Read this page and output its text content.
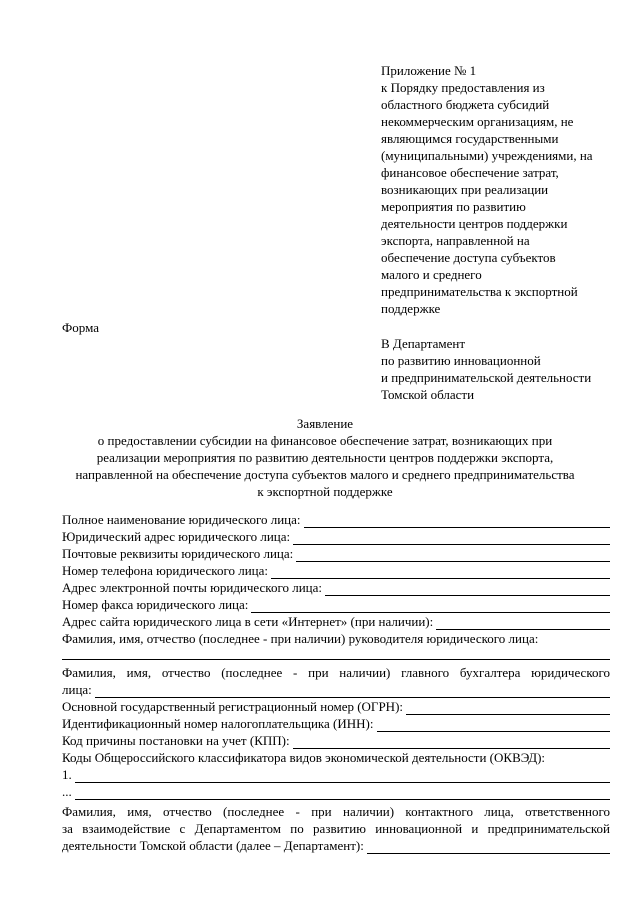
Приложение № 1
к Порядку предоставления из
областного бюджета субсидий
некоммерческим организациям, не
являющимся государственными
(муниципальными) учреждениями, на
финансовое обеспечение затрат,
возникающих при реализации
мероприятия по развитию
деятельности центров поддержки
экспорта, направленной на
обеспечение доступа субъектов
малого и среднего
предпринимательства к экспортной
поддержке
Форма
В Департамент
по развитию инновационной
и предпринимательской деятельности
Томской области
Заявление
о предоставлении субсидии на финансовое обеспечение затрат, возникающих при
реализации мероприятия по развитию деятельности центров поддержки экспорта,
направленной на обеспечение доступа субъектов малого и среднего предпринимательства
к экспортной поддержке
Полное наименование юридического лица:
Юридический адрес юридического лица:
Почтовые реквизиты юридического лица:
Номер телефона юридического лица:
Адрес электронной почты юридического лица:
Номер факса юридического лица:
Адрес сайта юридического лица в сети «Интернет» (при наличии):
Фамилия, имя, отчество (последнее - при наличии) руководителя юридического лица:
Фамилия, имя, отчество (последнее - при наличии) главного бухгалтера юридического
лица:
Основной государственный регистрационный номер (ОГРН):
Идентификационный номер налогоплательщика (ИНН):
Код причины постановки на учет (КПП):
Коды Общероссийского классификатора видов экономической деятельности (ОКВЭД):
1.
...
Фамилия, имя, отчество (последнее - при наличии) контактного лица, ответственного
за взаимодействие с Департаментом по развитию инновационной и предпринимательской
деятельности Томской области (далее – Департамент):
